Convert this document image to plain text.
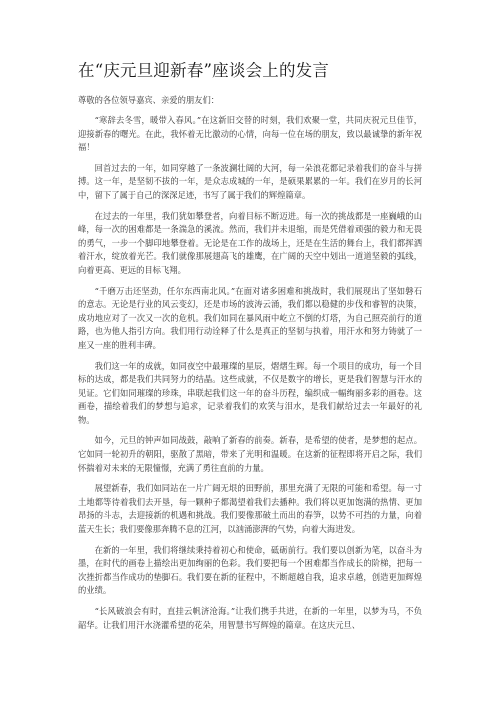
在“庆元旦迎新春”座谈会上的发言

尊敬的各位领导嘉宾、亲爱的朋友们：

“寒辞去冬雪，暖带入春风。”在这新旧交替的时刻，我们欢聚一堂，共同庆祝元旦佳节，迎接新春的曙光。在此，我怀着无比激动的心情，向每一位在场的朋友，致以最诚挚的新年祝福！

回首过去的一年，如同穿越了一条波澜壮阔的大河，每一朵浪花都记录着我们的奋斗与拼搏。这一年，是坚韧不拔的一年，是众志成城的一年，是硕果累累的一年。我们在岁月的长河中，留下了属于自己的深深足迹，书写了属于我们的辉煌篇章。

在过去的一年里，我们犹如攀登者，向着目标不断迈进。每一次的挑战都是一座巍峨的山峰，每一次的困难都是一条湍急的溪流。然而，我们并未退缩，而是凭借着顽强的毅力和无畏的勇气，一步一个脚印地攀登着。无论是在工作的战场上，还是在生活的舞台上，我们都挥洒着汗水，绽放着光芒。我们就像那展翅高飞的雄鹰，在广阔的天空中划出一道道坚毅的弧线，向着更高、更远的目标飞翔。

“千磨万击还坚劲，任尔东西南北风。”在面对诸多困难和挑战时，我们展现出了坚如磐石的意志。无论是行业的风云变幻，还是市场的波涛云涌，我们都以稳健的步伐和睿智的决策，成功地应对了一次又一次的危机。我们如同在暴风雨中屹立不倒的灯塔，为自己照亮前行的道路，也为他人指引方向。我们用行动诠释了什么是真正的坚韧与执着，用汗水和努力铸就了一座又一座的胜利丰碑。

我们这一年的成就，如同夜空中最璀璨的星辰，熠熠生辉。每一个项目的成功，每一个目标的达成，都是我们共同努力的结晶。这些成就，不仅是数字的增长，更是我们智慧与汗水的见证。它们如同璀璨的珍珠，串联起我们这一年的奋斗历程，编织成一幅绚丽多彩的画卷。这画卷，描绘着我们的梦想与追求，记录着我们的欢笑与泪水，是我们献给过去一年最好的礼物。

如今，元旦的钟声如同战鼓，敲响了新春的前奏。新春，是希望的使者，是梦想的起点。它如同一轮初升的朝阳，驱散了黑暗，带来了光明和温暖。在这新的征程即将开启之际，我们怀揣着对未来的无限憧憬，充满了勇往直前的力量。

展望新春，我们如同站在一片广阔无垠的田野前，那里充满了无限的可能和希望。每一寸土地都等待着我们去开垦，每一颗种子都渴望着我们去播种。我们将以更加饱满的热情、更加昂扬的斗志，去迎接新的机遇和挑战。我们要像那破土而出的春笋，以势不可挡的力量，向着蓝天生长；我们要像那奔腾不息的江河，以汹涌澎湃的气势，向着大海进发。

在新的一年里，我们将继续秉持着初心和使命，砥砺前行。我们要以创新为笔，以奋斗为墨，在时代的画卷上描绘出更加绚丽的色彩。我们要把每一个困难都当作成长的阶梯，把每一次挫折都当作成功的垫脚石。我们要在新的征程中，不断超越自我，追求卓越，创造更加辉煌的业绩。

“长风破浪会有时，直挂云帆济沧海。”让我们携手共进，在新的一年里，以梦为马，不负韶华。让我们用汗水浇灌希望的花朵，用智慧书写辉煌的篇章。在这庆元旦、
